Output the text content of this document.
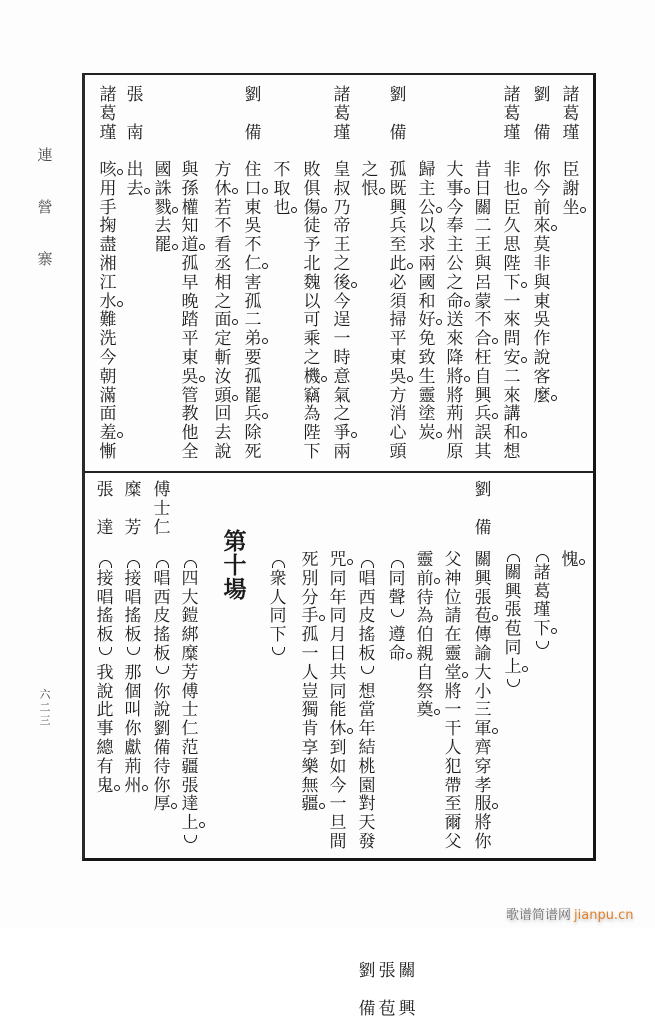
連
營
寨
六
二
三
諸
葛
瑾
臣
謝
坐
劉
備
你
今
前
來
莫
非
與
東
吳
作
說
客
麼
諸
葛
瑾
非
也
臣
久
思
陛
下
一
來
問
安
二
來
講
和
想
昔
日
關
二
王
與
呂
蒙
不
合
枉
自
興
兵
誤
其
大
事
今
奉
主
公
之
命
送
來
降
將
將
荊
州
原
歸
主
公
以
求
兩
國
和
好
免
致
生
靈
塗
炭
劉
備
孤
既
興
兵
至
此
必
須
掃
平
東
吳
方
消
心
頭
之
恨
諸
葛
瑾
皇
叔
乃
帝
王
之
後
今
逞
一
時
意
氣
之
爭
兩
敗
俱
傷
徒
予
北
魏
以
可
乘
之
機
竊
為
陛
下
不
取
也
劉
備
住
口
東
吳
不
仁
害
孤
二
弟
要
孤
罷
兵
除
死
方
休
若
不
看
丞
相
之
面
定
斬
汝
頭
回
去
說
與
孫
權
知
道
孤
早
晚
踏
平
東
吳
管
教
他
全
國
誅
戮
去
罷
張
南
出
去
諸
葛
瑾
咳
用
手
掬
盡
湘
江
水
難
洗
今
朝
滿
面
羞
慚
愧
諸
葛
瑾
下
關
興
張
苞
同
上
劉
備
關
興
張
苞
傳
諭
大
小
三
軍
齊
穿
孝
服
將
你
父
神
位
請
在
靈
堂
將
一
干
人
犯
帶
至
爾
父
靈
前
待
為
伯
親
自
祭
奠
關
興
張
苞
劉
備
同
聲
遵
命
唱
西
皮
搖
板
想
當
年
結
桃
園
對
天
發
咒
同
年
同
月
日
共
同
能
休
到
如
今
一
旦
間
死
別
分
手
孤
一
人
豈
獨
肯
享
樂
無
疆
衆
人
同
下
第
十
場
四
大
鎧
綁
糜
芳
傅
士
仁
范
疆
張
達
上
傅
士
仁
唱
西
皮
搖
板
你
說
劉
備
待
你
厚
糜
芳
接
唱
搖
板
那
個
叫
你
獻
荊
州
張
達
接
唱
搖
板
我
說
此
事
總
有
鬼
歌谱简谱网 jianpu.cn
